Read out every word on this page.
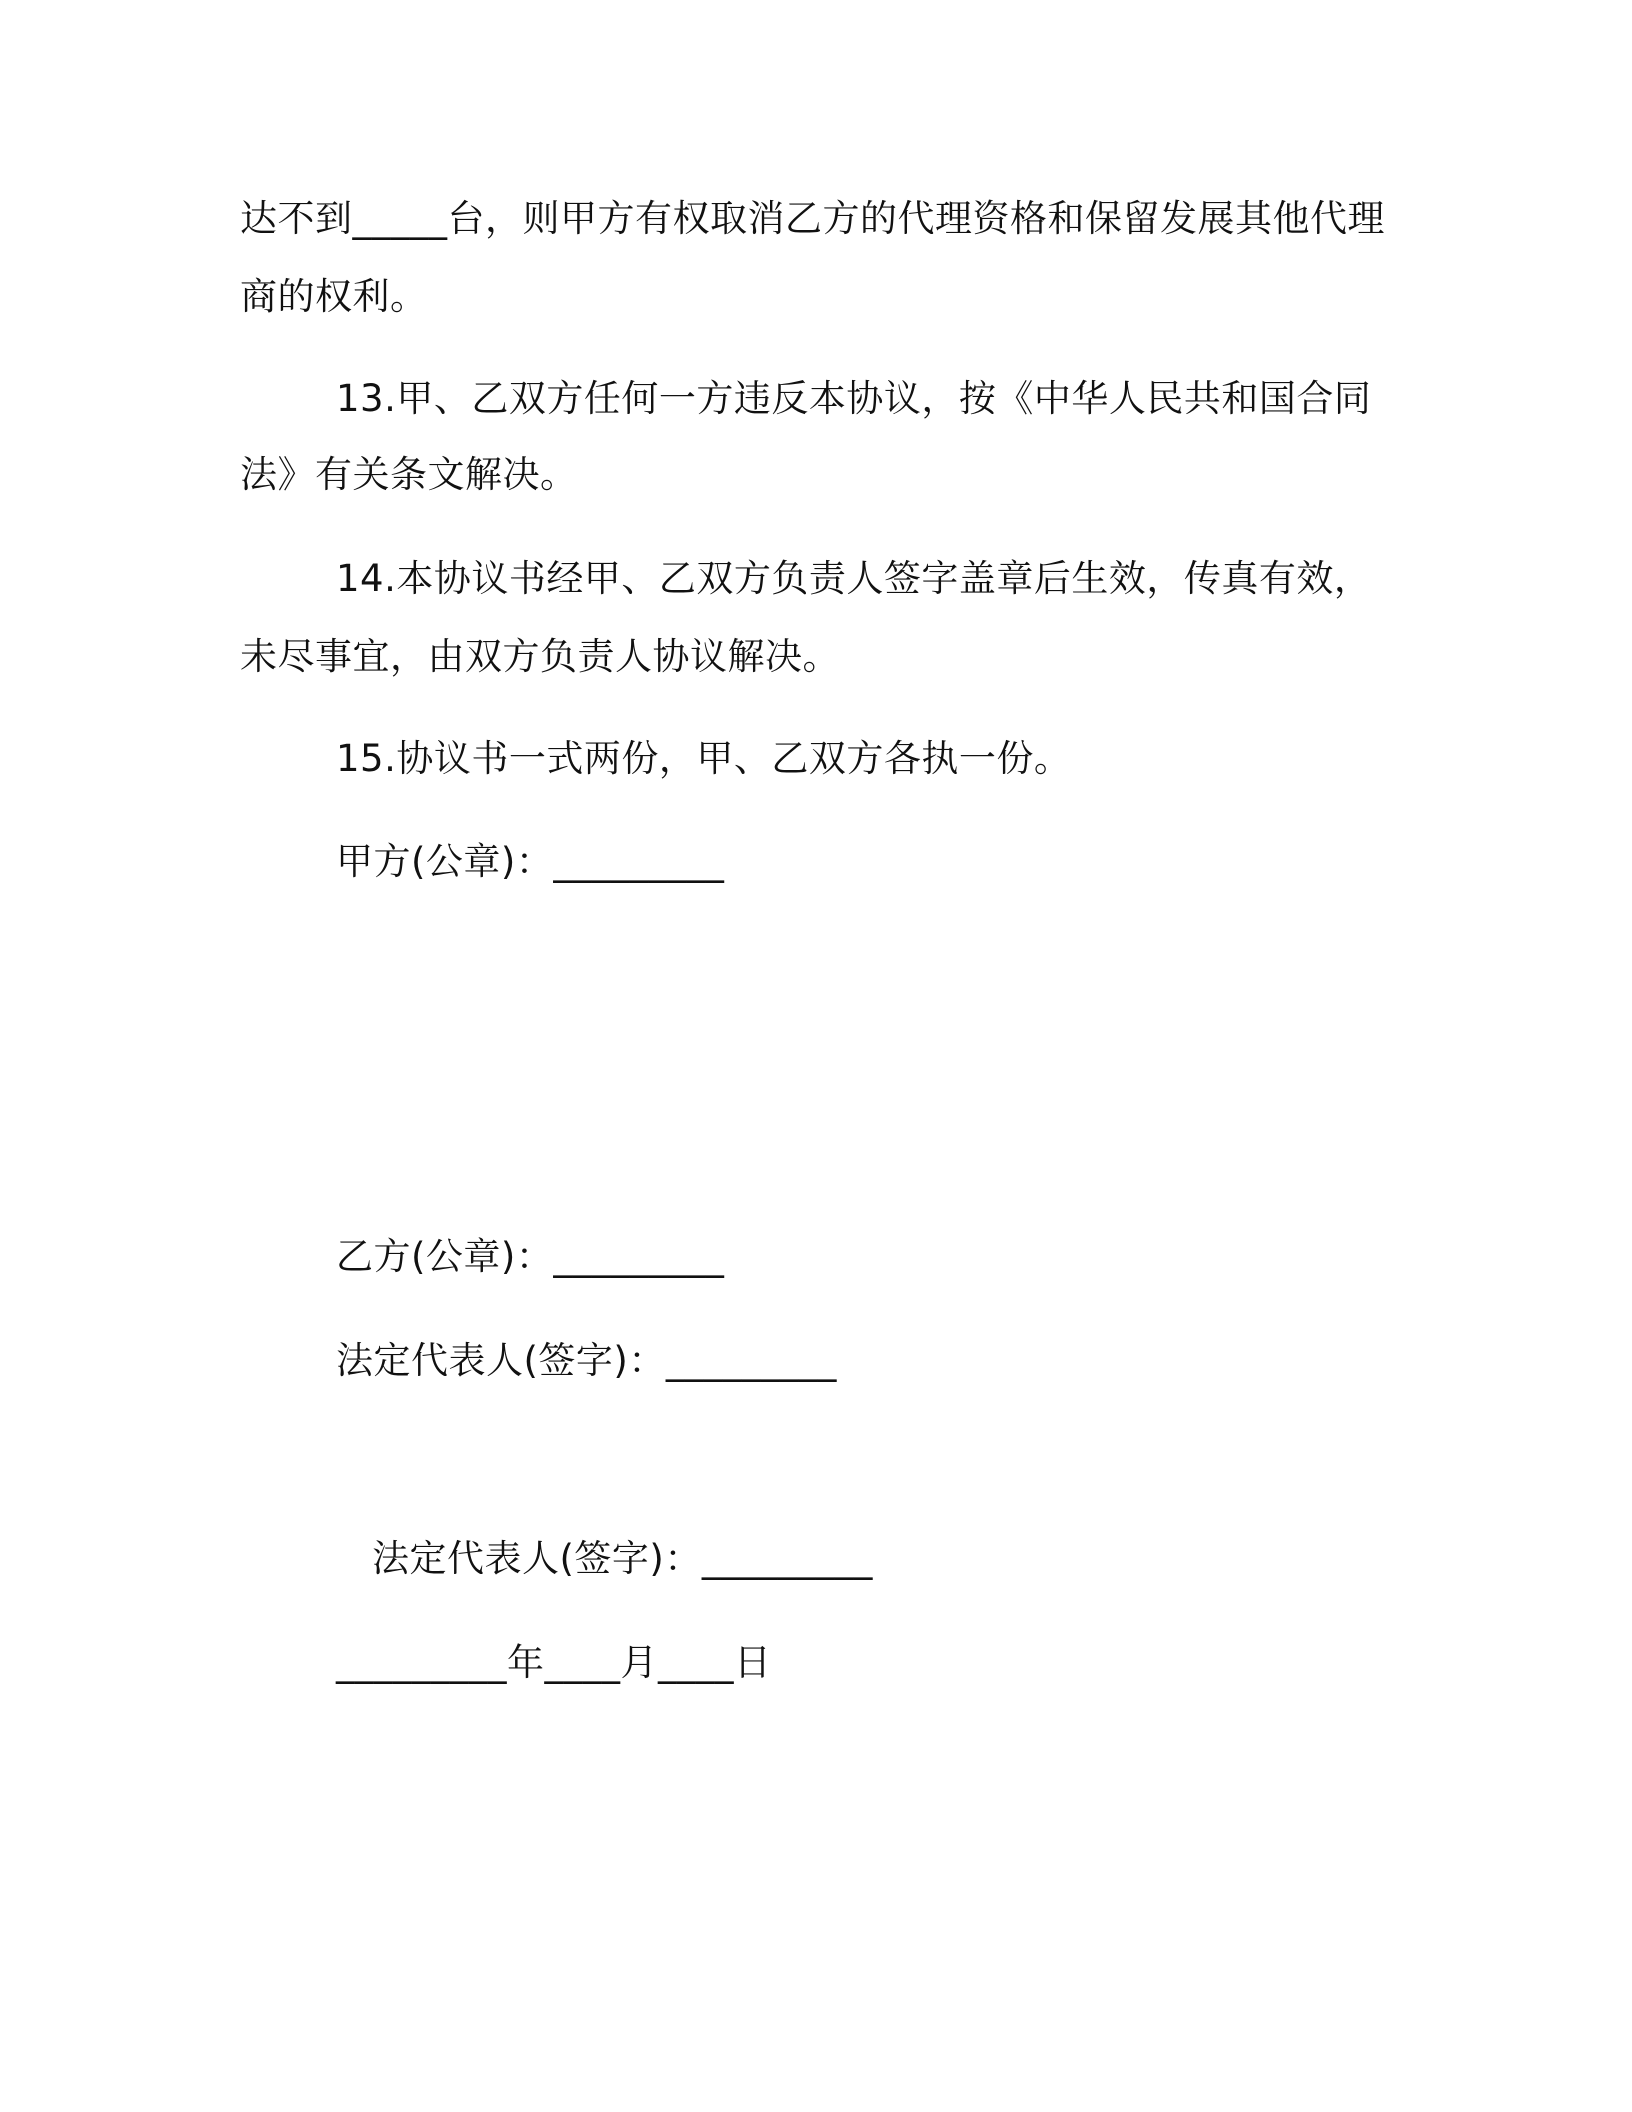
达不到_____台，则甲方有权取消乙方的代理资格和保留发展其他代理

商的权利。

13.甲、乙双方任何一方违反本协议，按《中华人民共和国合同

法》有关条文解决。

14.本协议书经甲、乙双方负责人签字盖章后生效，传真有效，

未尽事宜，由双方负责人协议解决。

15.协议书一式两份，甲、乙双方各执一份。

甲方(公章)：_________

乙方(公章)：_________

法定代表人(签字)：_________

法定代表人(签字)：_________

_________年____月____日
